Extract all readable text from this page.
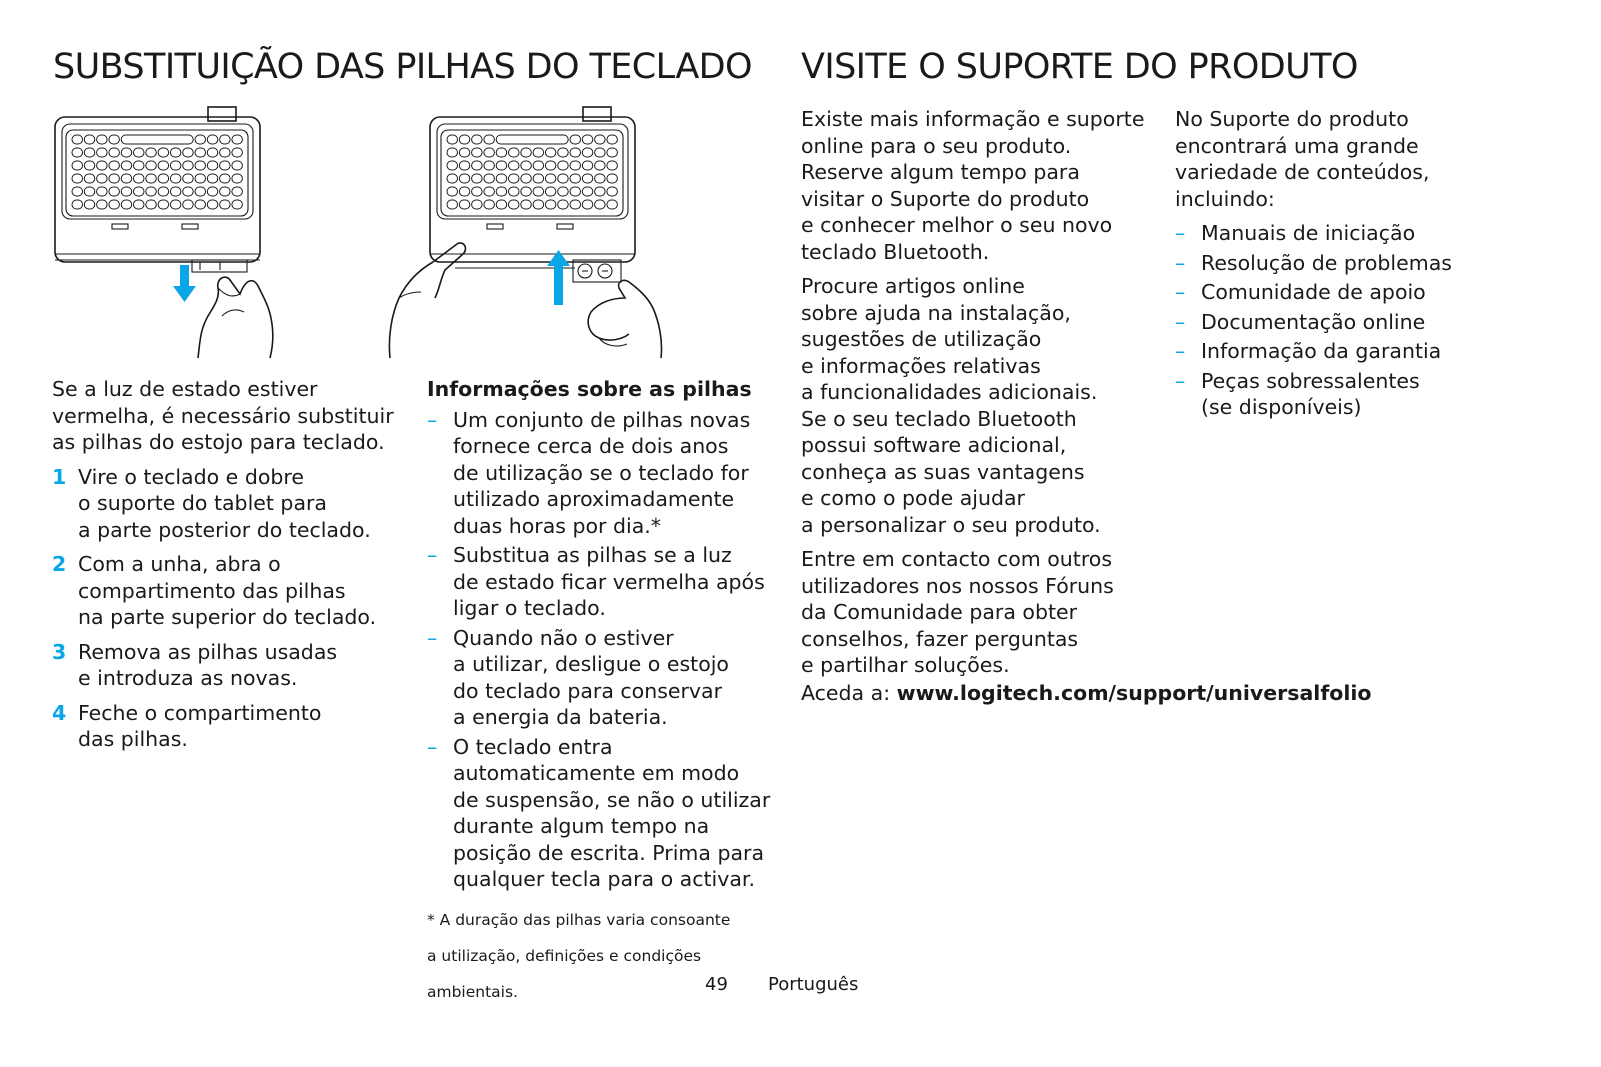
SUBSTITUIÇÃO DAS PILHAS DO TECLADO VISITE O SUPORTE DO PRODUTO

Se a luz de estado estiver

vermelha, é necessário substituir

as pilhas do estojo para teclado.

1 Vire o teclado e dobre

o suporte do tablet para

a parte posterior do teclado.

2 Com a unha, abra o

compartimento das pilhas

na parte superior do teclado.

3 Remova as pilhas usadas

e introduza as novas.

4 Feche o compartimento

das pilhas.

Informações sobre as pilhas

– Um conjunto de pilhas novas

fornece cerca de dois anos

de utilização se o teclado for

utilizado aproximadamente

duas horas por dia.*

– Substitua as pilhas se a luz

de estado ficar vermelha após

ligar o teclado.

– Quando não o estiver

a utilizar, desligue o estojo

do teclado para conservar

a energia da bateria.

– O teclado entra

automaticamente em modo

de suspensão, se não o utilizar

durante algum tempo na

posição de escrita. Prima para

qualquer tecla para o activar.

* A duração das pilhas varia consoante

a utilização, definições e condições

ambientais.

Existe mais informação e suporte

online para o seu produto.

Reserve algum tempo para

visitar o Suporte do produto

e conhecer melhor o seu novo

teclado Bluetooth.

Procure artigos online

sobre ajuda na instalação,

sugestões de utilização

e informações relativas

a funcionalidades adicionais.

Se o seu teclado Bluetooth

possui software adicional,

conheça as suas vantagens

e como o pode ajudar

a personalizar o seu produto.

Entre em contacto com outros

utilizadores nos nossos Fóruns

da Comunidade para obter

conselhos, fazer perguntas

e partilhar soluções.

Aceda a: www.logitech.com/support/universalfolio

No Suporte do produto

encontrará uma grande

variedade de conteúdos,

incluindo:

– Manuais de iniciação

– Resolução de problemas

– Comunidade de apoio

– Documentação online

– Informação da garantia

– Peças sobressalentes

(se disponíveis)

49 Português
